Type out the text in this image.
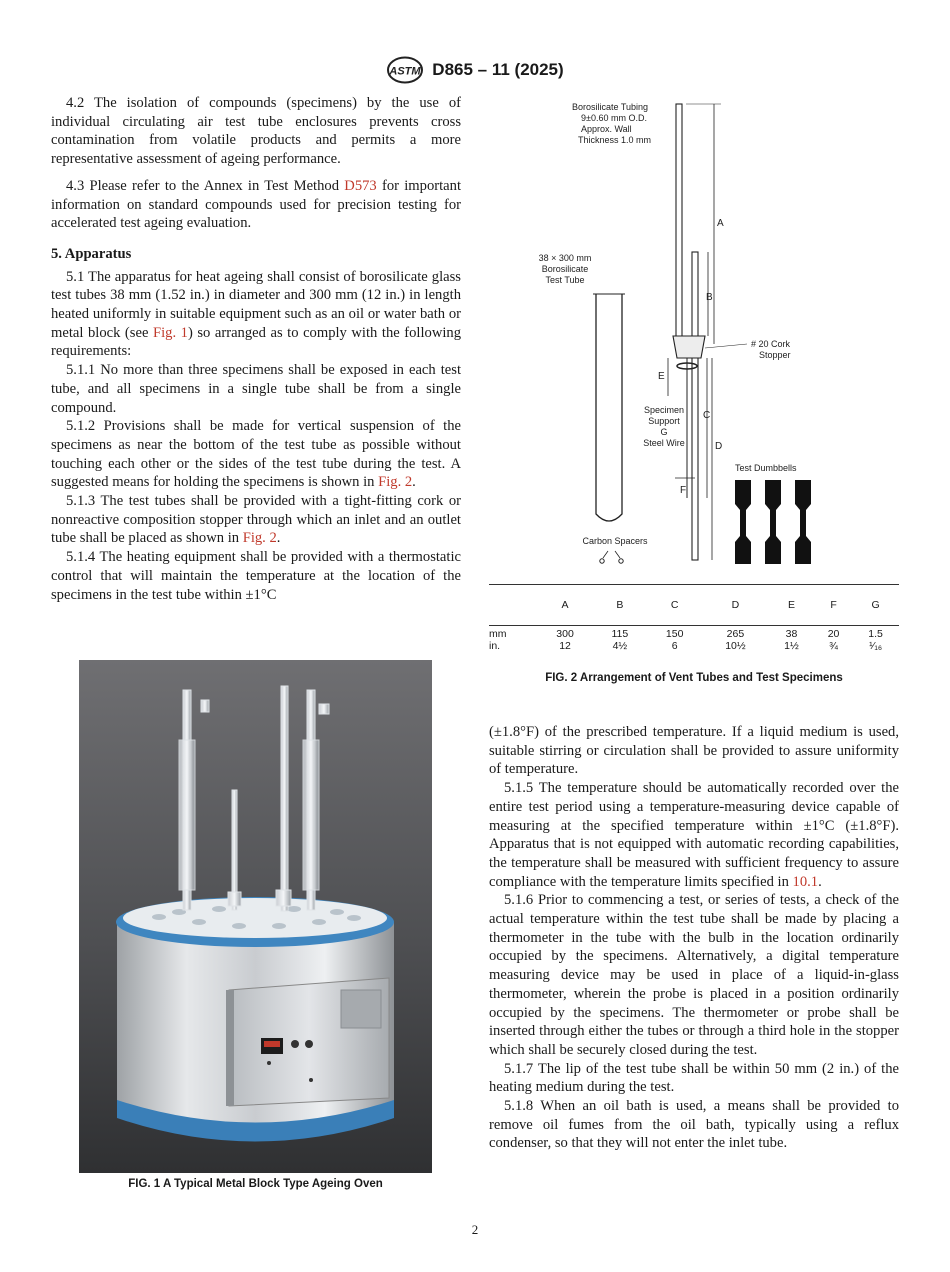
ASTM D865 – 11 (2025)

4.2 The isolation of compounds (specimens) by the use of individual circulating air test tube enclosures prevents cross contamination from volatile products and permits a more representative assessment of ageing performance.

4.3 Please refer to the Annex in Test Method D573 for important information on standard compounds used for precision testing for accelerated test ageing evaluation.

5. Apparatus

5.1 The apparatus for heat ageing shall consist of borosilicate glass test tubes 38 mm (1.52 in.) in diameter and 300 mm (12 in.) in length heated uniformly in suitable equipment such as an oil or water bath or metal block (see Fig. 1) so arranged as to comply with the following requirements:

5.1.1 No more than three specimens shall be exposed in each test tube, and all specimens in a single tube shall be from a single compound.

5.1.2 Provisions shall be made for vertical suspension of the specimens as near the bottom of the test tube as possible without touching each other or the sides of the test tube during the test. A suggested means for holding the specimens is shown in Fig. 2.

5.1.3 The test tubes shall be provided with a tight-fitting cork or nonreactive composition stopper through which an inlet and an outlet tube shall be placed as shown in Fig. 2.

5.1.4 The heating equipment shall be provided with a thermostatic control that will maintain the temperature at the location of the specimens in the test tube within ±1°C

FIG. 1 A Typical Metal Block Type Ageing Oven
Borosilicate Tubing
9±0.60 mm O.D.
Approx. Wall
Thickness 1.0 mm
38 × 300 mm
Borosilicate
Test Tube
A
B
# 20 Cork
Stopper
E
C
D
Specimen
Support
G
Steel Wire
F
Test Dumbbells
Carbon Spacers
	A	B	C	D	E	F	G
mm	300	115	150	265	38	20	1.5
in.	12	4½	6	10½	1½	¾	¹⁄₁₆
FIG. 2 Arrangement of Vent Tubes and Test Specimens

(±1.8°F) of the prescribed temperature. If a liquid medium is used, suitable stirring or circulation shall be provided to assure uniformity of temperature.

5.1.5 The temperature should be automatically recorded over the entire test period using a temperature-measuring device capable of measuring at the specified temperature within ±1°C (±1.8°F). Apparatus that is not equipped with automatic recording capabilities, the temperature shall be measured with sufficient frequency to assure compliance with the temperature limits specified in 10.1.

5.1.6 Prior to commencing a test, or series of tests, a check of the actual temperature within the test tube shall be made by placing a thermometer in the tube with the bulb in the location ordinarily occupied by the specimens. Alternatively, a digital temperature measuring device may be used in place of a liquid-in-glass thermometer, wherein the probe is placed in a position ordinarily occupied by the specimens. The thermometer or probe shall be inserted through either the tubes or through a third hole in the stopper which shall be securely closed during the test.

5.1.7 The lip of the test tube shall be within 50 mm (2 in.) of the heating medium during the test.

5.1.8 When an oil bath is used, a means shall be provided to remove oil fumes from the oil bath, typically using a reflux condenser, so that they will not enter the inlet tube.

2
